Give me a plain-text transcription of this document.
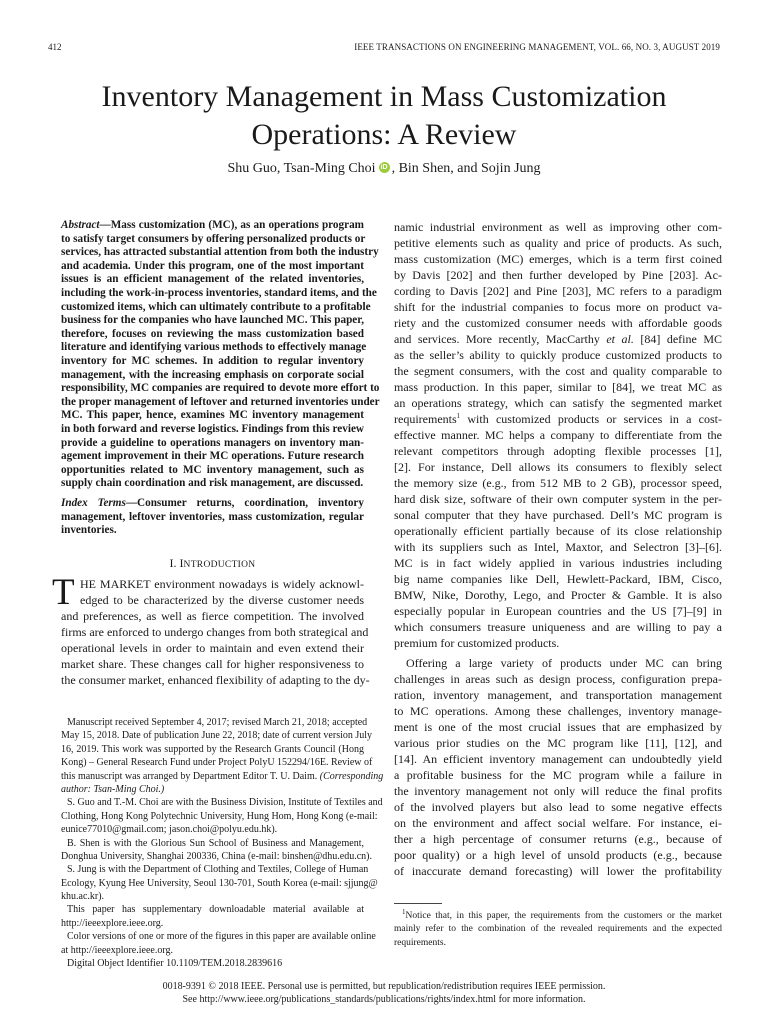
412	IEEE TRANSACTIONS ON ENGINEERING MANAGEMENT, VOL. 66, NO. 3, AUGUST 2019
Inventory Management in Mass Customization
Operations: A Review
Shu Guo, Tsan-Ming Choi iD , Bin Shen, and Sojin Jung
Abstract—Mass customization (MC), as an operations program
to satisfy target consumers by offering personalized products or
services, has attracted substantial attention from both the industry
and academia. Under this program, one of the most important
issues is an efficient management of the related inventories,
including the work-in-process inventories, standard items, and the
customized items, which can ultimately contribute to a profitable
business for the companies who have launched MC. This paper,
therefore, focuses on reviewing the mass customization based
literature and identifying various methods to effectively manage
inventory for MC schemes. In addition to regular inventory
management, with the increasing emphasis on corporate social
responsibility, MC companies are required to devote more effort to
the proper management of leftover and returned inventories under
MC. This paper, hence, examines MC inventory management
in both forward and reverse logistics. Findings from this review
provide a guideline to operations managers on inventory man-
agement improvement in their MC operations. Future research
opportunities related to MC inventory management, such as
supply chain coordination and risk management, are discussed.
Index Terms—Consumer returns, coordination, inventory
management, leftover inventories, mass customization, regular
inventories.
I. INTRODUCTION
T HE MARKET environment nowadays is widely acknowl-
edged to be characterized by the diverse customer needs
and preferences, as well as fierce competition. The involved
firms are enforced to undergo changes from both strategical and
operational levels in order to maintain and even extend their
market share. These changes call for higher responsiveness to
the consumer market, enhanced flexibility of adapting to the dy-
Manuscript received September 4, 2017; revised March 21, 2018; accepted
May 15, 2018. Date of publication June 22, 2018; date of current version July
16, 2019. This work was supported by the Research Grants Council (Hong
Kong) – General Research Fund under Project PolyU 152294/16E. Review of
this manuscript was arranged by Department Editor T. U. Daim. (Corresponding
author: Tsan-Ming Choi.)
S. Guo and T.-M. Choi are with the Business Division, Institute of Textiles and
Clothing, Hong Kong Polytechnic University, Hung Hom, Hong Kong (e-mail:
eunice77010@gmail.com; jason.choi@polyu.edu.hk).
B. Shen is with the Glorious Sun School of Business and Management,
Donghua University, Shanghai 200336, China (e-mail: binshen@dhu.edu.cn).
S. Jung is with the Department of Clothing and Textiles, College of Human
Ecology, Kyung Hee University, Seoul 130-701, South Korea (e-mail: sjjung@
khu.ac.kr).
This paper has supplementary downloadable material available at
http://ieeexplore.ieee.org.
Color versions of one or more of the figures in this paper are available online
at http://ieeexplore.ieee.org.
Digital Object Identifier 10.1109/TEM.2018.2839616
namic industrial environment as well as improving other com-
petitive elements such as quality and price of products. As such,
mass customization (MC) emerges, which is a term first coined
by Davis [202] and then further developed by Pine [203]. Ac-
cording to Davis [202] and Pine [203], MC refers to a paradigm
shift for the industrial companies to focus more on product va-
riety and the customized consumer needs with affordable goods
and services. More recently, MacCarthy et al. [84] define MC
as the seller’s ability to quickly produce customized products to
the segment consumers, with the cost and quality comparable to
mass production. In this paper, similar to [84], we treat MC as
an operations strategy, which can satisfy the segmented market
requirements$^1$ with customized products or services in a cost-
effective manner. MC helps a company to differentiate from the
relevant competitors through adopting flexible processes [1],
[2]. For instance, Dell allows its consumers to flexibly select
the memory size (e.g., from 512 MB to 2 GB), processor speed,
hard disk size, software of their own computer system in the per-
sonal computer that they have purchased. Dell’s MC program is
operationally efficient partially because of its close relationship
with its suppliers such as Intel, Maxtor, and Selectron [3]–[6].
MC is in fact widely applied in various industries including
big name companies like Dell, Hewlett-Packard, IBM, Cisco,
BMW, Nike, Dorothy, Lego, and Procter & Gamble. It is also
especially popular in European countries and the US [7]–[9] in
which consumers treasure uniqueness and are willing to pay a
premium for customized products.
Offering a large variety of products under MC can bring
challenges in areas such as design process, configuration prepa-
ration, inventory management, and transportation management
to MC operations. Among these challenges, inventory manage-
ment is one of the most crucial issues that are emphasized by
various prior studies on the MC program like [11], [12], and
[14]. An efficient inventory management can undoubtedly yield
a profitable business for the MC program while a failure in
the inventory management not only will reduce the final profits
of the involved players but also lead to some negative effects
on the environment and affect social welfare. For instance, ei-
ther a high percentage of consumer returns (e.g., because of
poor quality) or a high level of unsold products (e.g., because
of inaccurate demand forecasting) will lower the profitability
$^1$Notice that, in this paper, the requirements from the customers or the market
mainly refer to the combination of the revealed requirements and the expected
requirements.
0018-9391 © 2018 IEEE. Personal use is permitted, but republication/redistribution requires IEEE permission.
See http://www.ieee.org/publications_standards/publications/rights/index.html for more information.
